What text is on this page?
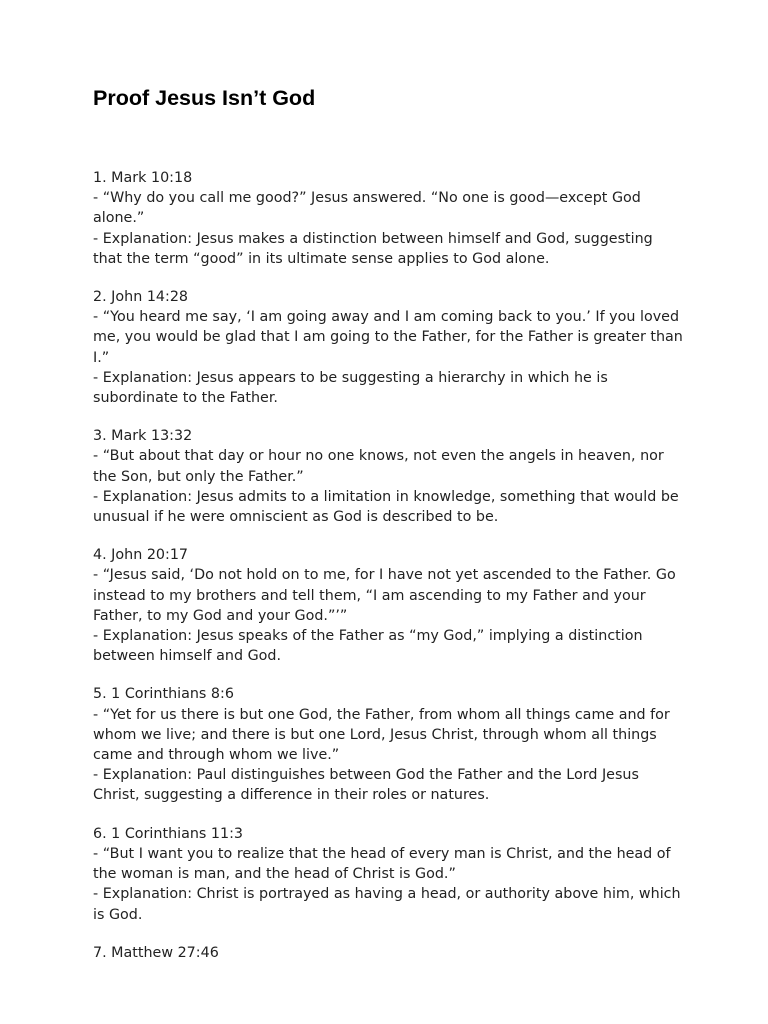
Proof Jesus Isn’t God

1. Mark 10:18

- “Why do you call me good?” Jesus answered. “No one is good—except God alone.”

- Explanation: Jesus makes a distinction between himself and God, suggesting that the term “good” in its ultimate sense applies to God alone.

2. John 14:28

- “You heard me say, ‘I am going away and I am coming back to you.’ If you loved me, you would be glad that I am going to the Father, for the Father is greater than I.”

- Explanation: Jesus appears to be suggesting a hierarchy in which he is subordinate to the Father.

3. Mark 13:32

- “But about that day or hour no one knows, not even the angels in heaven, nor the Son, but only the Father.”

- Explanation: Jesus admits to a limitation in knowledge, something that would be unusual if he were omniscient as God is described to be.

4. John 20:17

- “Jesus said, ‘Do not hold on to me, for I have not yet ascended to the Father. Go instead to my brothers and tell them, “I am ascending to my Father and your Father, to my God and your God.”’”

- Explanation: Jesus speaks of the Father as “my God,” implying a distinction between himself and God.

5. 1 Corinthians 8:6

- “Yet for us there is but one God, the Father, from whom all things came and for whom we live; and there is but one Lord, Jesus Christ, through whom all things came and through whom we live.”

- Explanation: Paul distinguishes between God the Father and the Lord Jesus Christ, suggesting a difference in their roles or natures.

6. 1 Corinthians 11:3

- “But I want you to realize that the head of every man is Christ, and the head of the woman is man, and the head of Christ is God.”

- Explanation: Christ is portrayed as having a head, or authority above him, which is God.

7. Matthew 27:46
